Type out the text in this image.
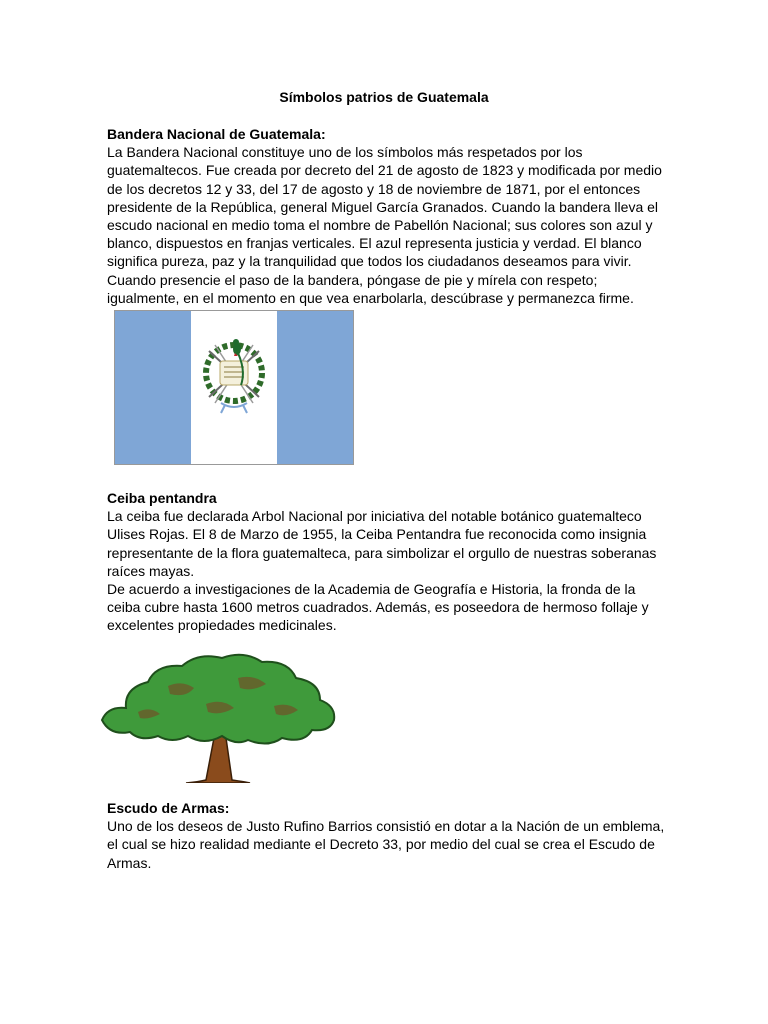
Símbolos patrios de Guatemala
Bandera Nacional de Guatemala:

La Bandera Nacional constituye uno de los símbolos más respetados por los guatemaltecos. Fue creada por decreto del 21 de agosto de 1823 y modificada por medio de los decretos 12 y 33, del 17 de agosto y 18 de noviembre de 1871, por el entonces presidente de la República, general Miguel García Granados. Cuando la bandera lleva el escudo nacional en medio toma el nombre de Pabellón Nacional; sus colores son azul y blanco, dispuestos en franjas verticales. El azul representa justicia y verdad. El blanco significa pureza, paz y la tranquilidad que todos los ciudadanos deseamos para vivir. Cuando presencie el paso de la bandera, póngase de pie y mírela con respeto; igualmente, en el momento en que vea enarbolarla, descúbrase y permanezca firme.

Ceiba pentandra

La ceiba fue declarada Arbol Nacional por iniciativa del notable botánico guatemalteco Ulises Rojas. El 8 de Marzo de 1955, la Ceiba Pentandra fue reconocida como insignia representante de la flora guatemalteca, para simbolizar el orgullo de nuestras soberanas raíces mayas.

De acuerdo a investigaciones de la Academia de Geografía e Historia, la fronda de la ceiba cubre hasta 1600 metros cuadrados. Además, es poseedora de hermoso follaje y excelentes propiedades medicinales.

Escudo de Armas:

Uno de los deseos de Justo Rufino Barrios consistió en dotar a la Nación de un emblema, el cual se hizo realidad mediante el Decreto 33, por medio del cual se crea el Escudo de Armas.
